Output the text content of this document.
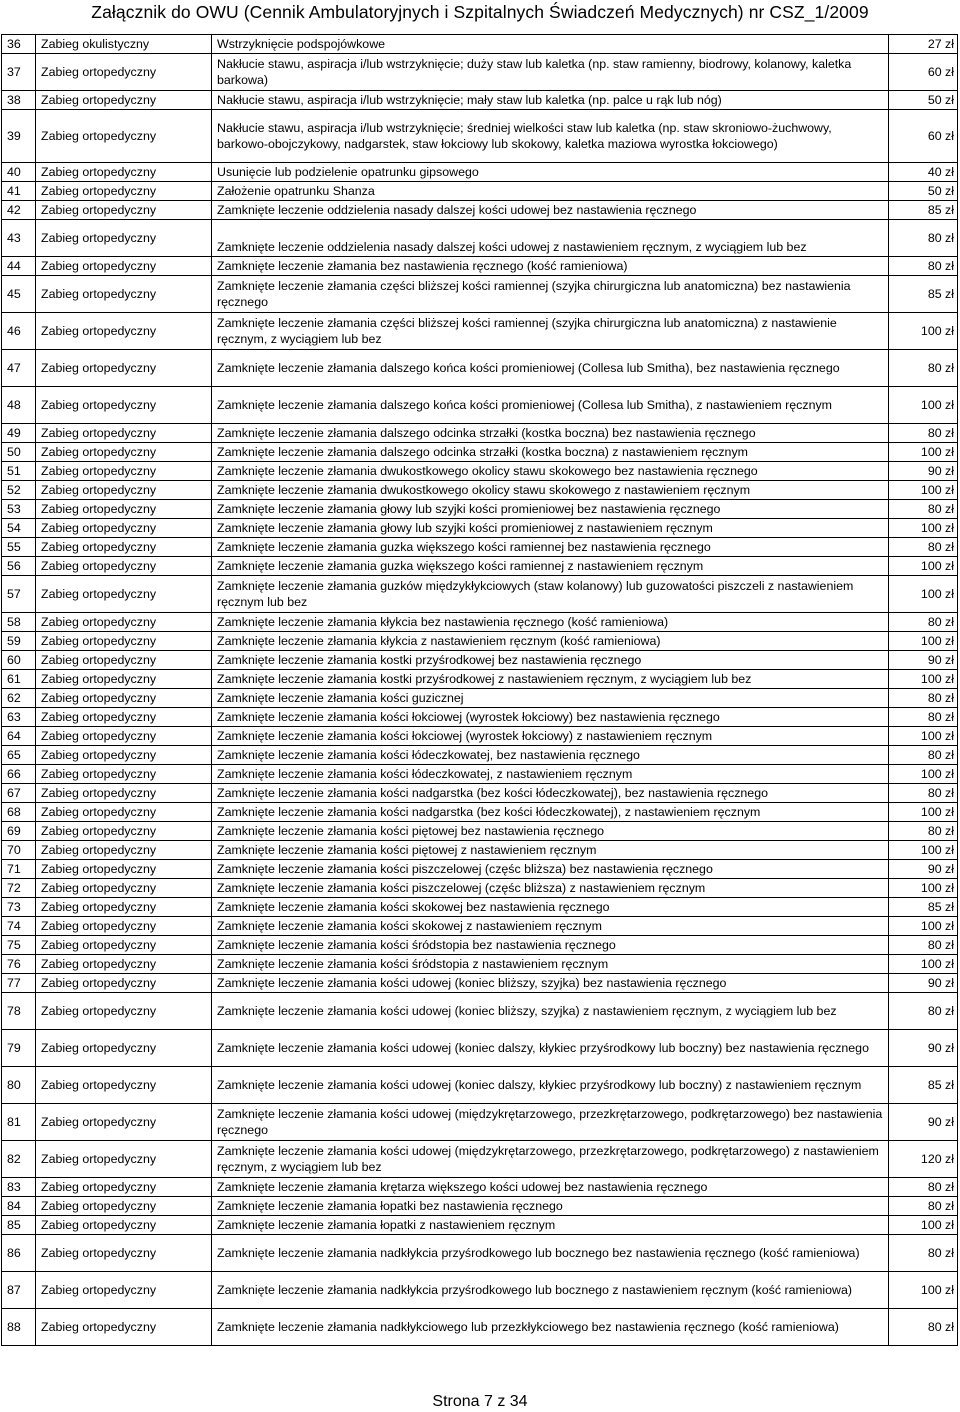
Załącznik do OWU (Cennik Ambulatoryjnych i Szpitalnych Świadczeń Medycznych) nr CSZ_1/2009
36	Zabieg okulistyczny	Wstrzyknięcie podspojówkowe	27 zł
37	Zabieg ortopedyczny	Nakłucie stawu, aspiracja i/lub wstrzyknięcie; duży staw lub kaletka (np. staw ramienny, biodrowy, kolanowy, kaletka barkowa)	60 zł
38	Zabieg ortopedyczny	Nakłucie stawu, aspiracja i/lub wstrzyknięcie; mały staw lub kaletka (np. palce u rąk lub nóg)	50 zł
39	Zabieg ortopedyczny	Nakłucie stawu, aspiracja i/lub wstrzyknięcie; średniej wielkości staw lub kaletka (np. staw skroniowo-żuchwowy, barkowo-obojczykowy, nadgarstek, staw łokciowy lub skokowy, kaletka maziowa wyrostka łokciowego)	60 zł
40	Zabieg ortopedyczny	Usunięcie lub podzielenie opatrunku gipsowego	40 zł
41	Zabieg ortopedyczny	Założenie opatrunku Shanza	50 zł
42	Zabieg ortopedyczny	Zamknięte leczenie oddzielenia nasady dalszej kości udowej bez nastawienia ręcznego	85 zł
43	Zabieg ortopedyczny	Zamknięte leczenie oddzielenia nasady dalszej kości udowej z nastawieniem ręcznym, z wyciągiem lub bez	80 zł
44	Zabieg ortopedyczny	Zamknięte leczenie złamania bez nastawienia ręcznego (kość ramieniowa)	80 zł
45	Zabieg ortopedyczny	Zamknięte leczenie złamania części bliższej kości ramiennej (szyjka chirurgiczna lub anatomiczna) bez nastawienia ręcznego	85 zł
46	Zabieg ortopedyczny	Zamknięte leczenie złamania części bliższej kości ramiennej (szyjka chirurgiczna lub anatomiczna) z nastawienie ręcznym, z wyciągiem lub bez	100 zł
47	Zabieg ortopedyczny	Zamknięte leczenie złamania dalszego końca kości promieniowej (Collesa lub Smitha), bez nastawienia ręcznego	80 zł
48	Zabieg ortopedyczny	Zamknięte leczenie złamania dalszego końca kości promieniowej (Collesa lub Smitha), z nastawieniem ręcznym	100 zł
49	Zabieg ortopedyczny	Zamknięte leczenie złamania dalszego odcinka strzałki (kostka boczna) bez nastawienia ręcznego	80 zł
50	Zabieg ortopedyczny	Zamknięte leczenie złamania dalszego odcinka strzałki (kostka boczna) z nastawieniem ręcznym	100 zł
51	Zabieg ortopedyczny	Zamknięte leczenie złamania dwukostkowego okolicy stawu skokowego bez nastawienia ręcznego	90 zł
52	Zabieg ortopedyczny	Zamknięte leczenie złamania dwukostkowego okolicy stawu skokowego z nastawieniem ręcznym	100 zł
53	Zabieg ortopedyczny	Zamknięte leczenie złamania głowy lub szyjki kości promieniowej bez nastawienia ręcznego	80 zł
54	Zabieg ortopedyczny	Zamknięte leczenie złamania głowy lub szyjki kości promieniowej z nastawieniem ręcznym	100 zł
55	Zabieg ortopedyczny	Zamknięte leczenie złamania guzka większego kości ramiennej bez nastawienia ręcznego	80 zł
56	Zabieg ortopedyczny	Zamknięte leczenie złamania guzka większego kości ramiennej z nastawieniem ręcznym	100 zł
57	Zabieg ortopedyczny	Zamknięte leczenie złamania guzków międzykłykciowych (staw kolanowy) lub guzowatości piszczeli z nastawieniem ręcznym lub bez	100 zł
58	Zabieg ortopedyczny	Zamknięte leczenie złamania kłykcia bez nastawienia ręcznego (kość ramieniowa)	80 zł
59	Zabieg ortopedyczny	Zamknięte leczenie złamania kłykcia z nastawieniem ręcznym (kość ramieniowa)	100 zł
60	Zabieg ortopedyczny	Zamknięte leczenie złamania kostki przyśrodkowej bez nastawienia ręcznego	90 zł
61	Zabieg ortopedyczny	Zamknięte leczenie złamania kostki przyśrodkowej z nastawieniem ręcznym, z wyciągiem lub bez	100 zł
62	Zabieg ortopedyczny	Zamknięte leczenie złamania kości guzicznej	80 zł
63	Zabieg ortopedyczny	Zamknięte leczenie złamania kości łokciowej (wyrostek łokciowy) bez nastawienia ręcznego	80 zł
64	Zabieg ortopedyczny	Zamknięte leczenie złamania kości łokciowej (wyrostek łokciowy) z nastawieniem ręcznym	100 zł
65	Zabieg ortopedyczny	Zamknięte leczenie złamania kości łódeczkowatej, bez nastawienia ręcznego	80 zł
66	Zabieg ortopedyczny	Zamknięte leczenie złamania kości łódeczkowatej, z nastawieniem ręcznym	100 zł
67	Zabieg ortopedyczny	Zamknięte leczenie złamania kości nadgarstka (bez kości łódeczkowatej), bez nastawienia ręcznego	80 zł
68	Zabieg ortopedyczny	Zamknięte leczenie złamania kości nadgarstka (bez kości łódeczkowatej), z nastawieniem ręcznym	100 zł
69	Zabieg ortopedyczny	Zamknięte leczenie złamania kości piętowej bez nastawienia ręcznego	80 zł
70	Zabieg ortopedyczny	Zamknięte leczenie złamania kości piętowej z nastawieniem ręcznym	100 zł
71	Zabieg ortopedyczny	Zamknięte leczenie złamania kości piszczelowej (częśc bliższa) bez nastawienia ręcznego	90 zł
72	Zabieg ortopedyczny	Zamknięte leczenie złamania kości piszczelowej (częśc bliższa) z nastawieniem ręcznym	100 zł
73	Zabieg ortopedyczny	Zamknięte leczenie złamania kości skokowej bez nastawienia ręcznego	85 zł
74	Zabieg ortopedyczny	Zamknięte leczenie złamania kości skokowej z nastawieniem ręcznym	100 zł
75	Zabieg ortopedyczny	Zamknięte leczenie złamania kości śródstopia bez nastawienia ręcznego	80 zł
76	Zabieg ortopedyczny	Zamknięte leczenie złamania kości śródstopia z nastawieniem ręcznym	100 zł
77	Zabieg ortopedyczny	Zamknięte leczenie złamania kości udowej (koniec bliższy, szyjka) bez nastawienia ręcznego	90 zł
78	Zabieg ortopedyczny	Zamknięte leczenie złamania kości udowej (koniec bliższy, szyjka) z nastawieniem ręcznym, z wyciągiem lub bez	80 zł
79	Zabieg ortopedyczny	Zamknięte leczenie złamania kości udowej (koniec dalszy, kłykiec przyśrodkowy lub boczny) bez nastawienia ręcznego	90 zł
80	Zabieg ortopedyczny	Zamknięte leczenie złamania kości udowej (koniec dalszy, kłykiec przyśrodkowy lub boczny) z nastawieniem ręcznym	85 zł
81	Zabieg ortopedyczny	Zamknięte leczenie złamania kości udowej (międzykrętarzowego, przezkrętarzowego, podkrętarzowego) bez nastawienia ręcznego	90 zł
82	Zabieg ortopedyczny	Zamknięte leczenie złamania kości udowej (międzykrętarzowego, przezkrętarzowego, podkrętarzowego) z nastawieniem ręcznym, z wyciągiem lub bez	120 zł
83	Zabieg ortopedyczny	Zamknięte leczenie złamania krętarza większego kości udowej bez nastawienia ręcznego	80 zł
84	Zabieg ortopedyczny	Zamknięte leczenie złamania łopatki bez nastawienia ręcznego	80 zł
85	Zabieg ortopedyczny	Zamknięte leczenie złamania łopatki z nastawieniem ręcznym	100 zł
86	Zabieg ortopedyczny	Zamknięte leczenie złamania nadkłykcia przyśrodkowego lub bocznego bez nastawienia ręcznego (kość ramieniowa)	80 zł
87	Zabieg ortopedyczny	Zamknięte leczenie złamania nadkłykcia przyśrodkowego lub bocznego z nastawieniem ręcznym (kość ramieniowa)	100 zł
88	Zabieg ortopedyczny	Zamknięte leczenie złamania nadkłykciowego lub przezkłykciowego bez nastawienia ręcznego (kość ramieniowa)	80 zł
Strona 7 z 34
